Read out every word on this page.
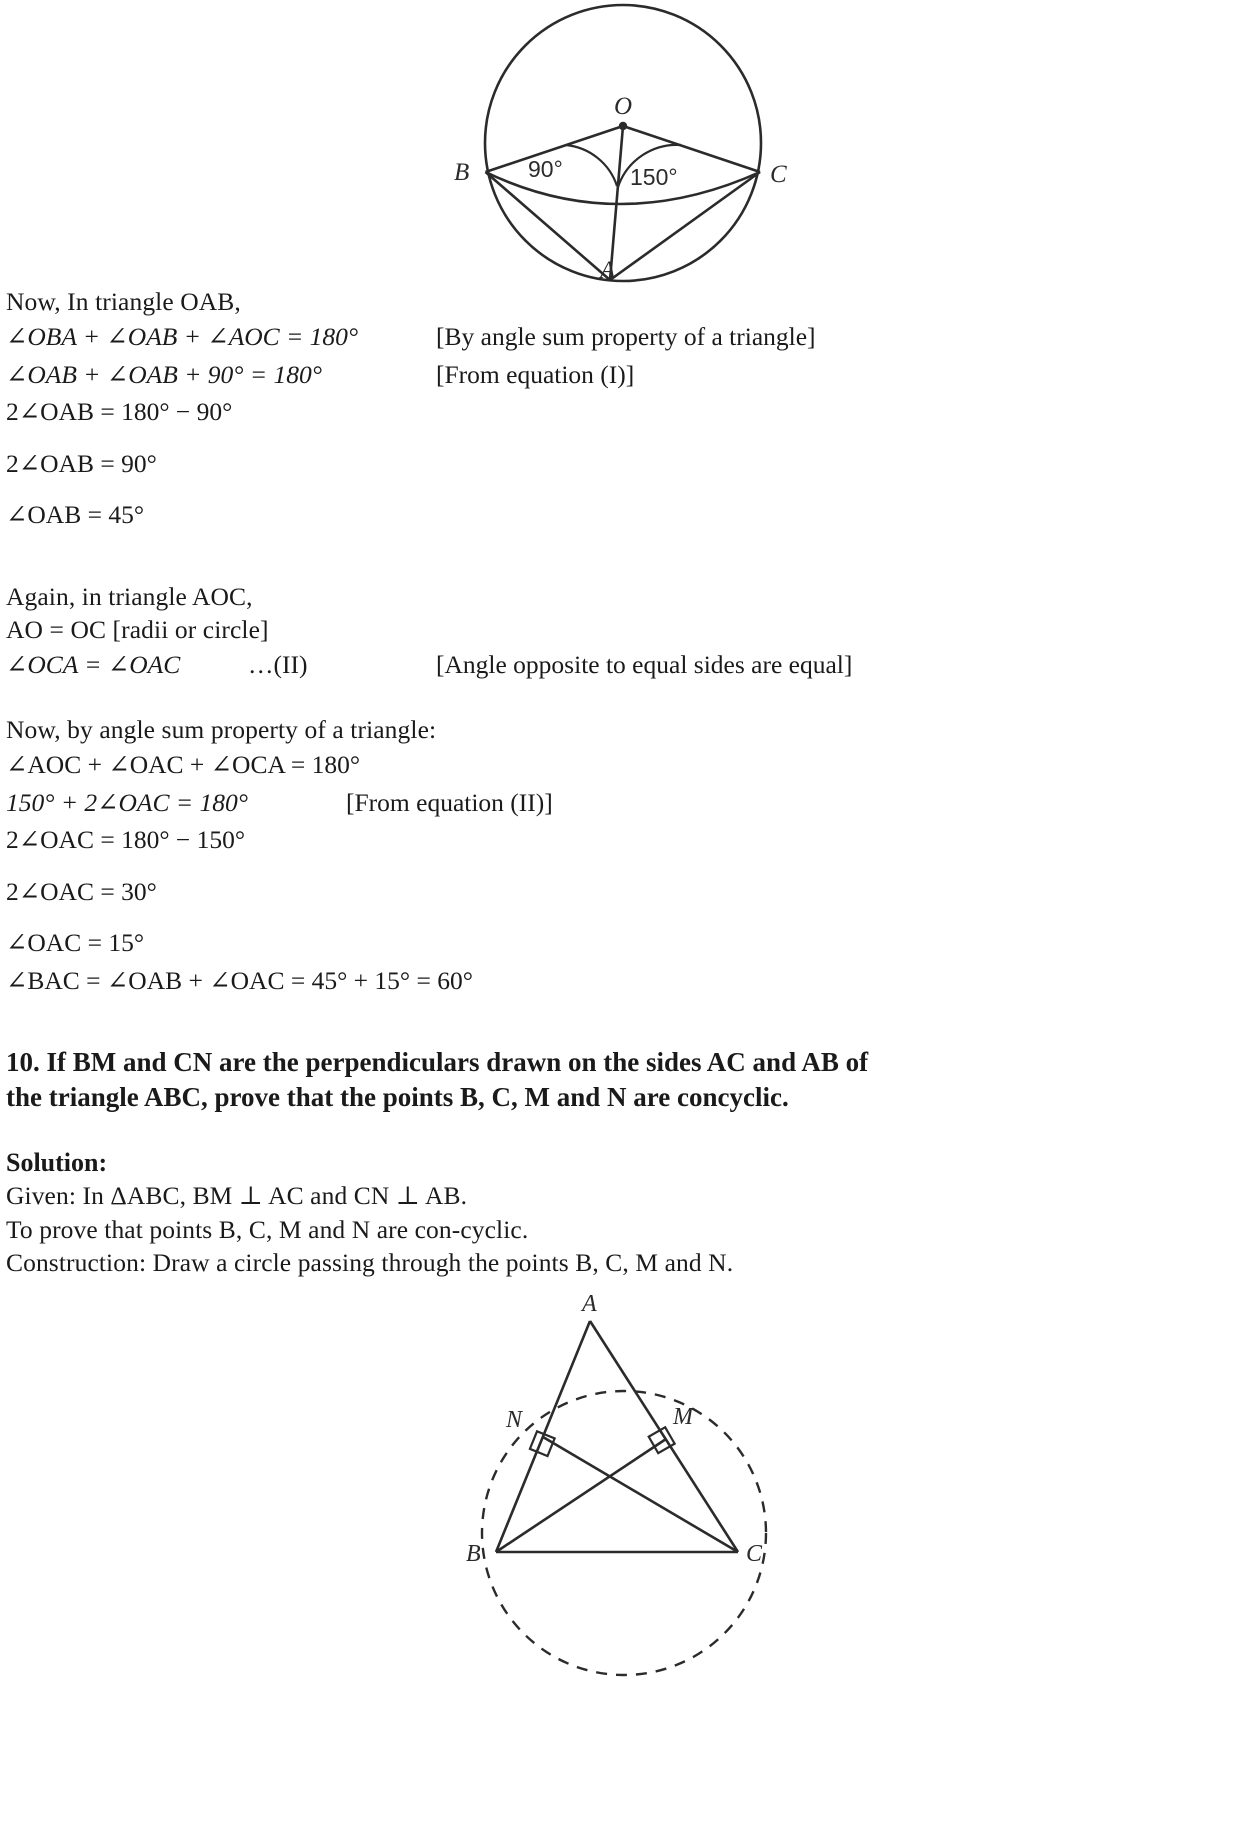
B	C
O
A
90°	150°
Now, In triangle OAB,
∠OBA + ∠OAB + ∠AOC = 180°	[By angle sum property of a triangle]
∠OAB + ∠OAB + 90° = 180°	[From equation (I)]
2∠OAB = 180° − 90°
2∠OAB = 90°
∠OAB = 45°
Again, in triangle AOC,
AO = OC [radii or circle]
∠OCA = ∠OAC	…(II)	[Angle opposite to equal sides are equal]
Now, by angle sum property of a triangle:
∠AOC + ∠OAC + ∠OCA = 180°
150° + 2∠OAC = 180°	[From equation (II)]
2∠OAC = 180° − 150°
2∠OAC = 30°
∠OAC = 15°
∠BAC = ∠OAB + ∠OAC = 45° + 15° = 60°
10. If BM and CN are the perpendiculars drawn on the sides AC and AB of
the triangle ABC, prove that the points B, C, M and N are concyclic.
Solution:
Given: In ΔABC, BM ⊥ AC and CN ⊥ AB.
To prove that points B, C, M and N are con-cyclic.
Construction: Draw a circle passing through the points B, C, M and N.
A
N	M
B	C
